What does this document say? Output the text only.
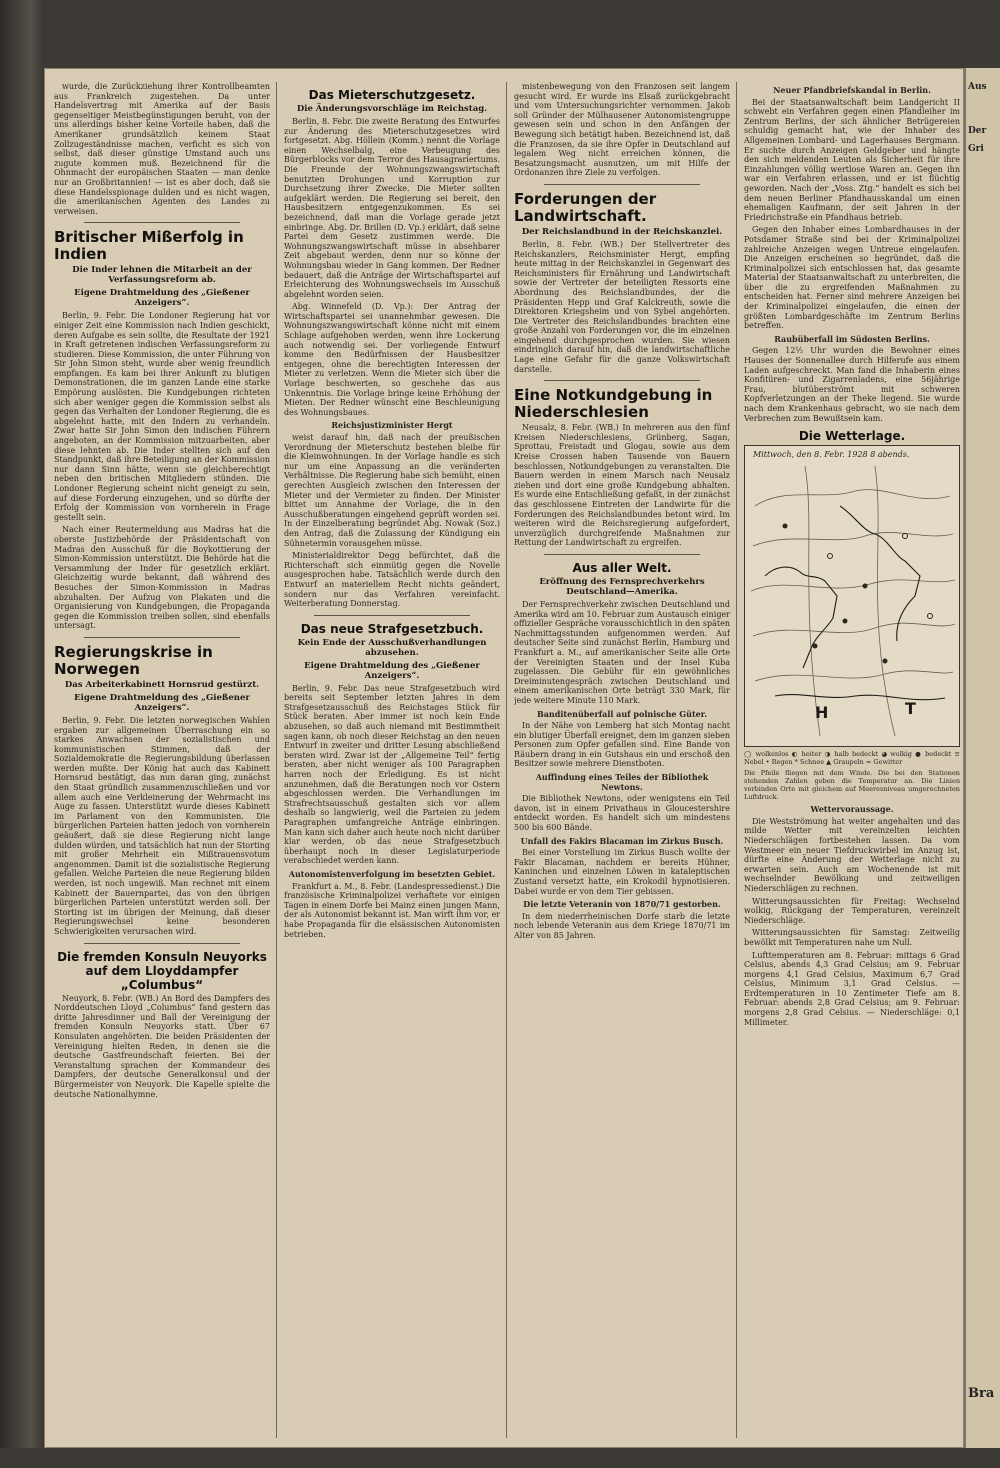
wurde, die Zurückziehung ihrer Kontrollbeamten aus Frankreich zugestehen. Da unter Handelsvertrag mit Amerika auf der Basis gegenseitiger Meistbegünstigungen beruht, von der uns allerdings bisher keine Vorteile haben, daß die Amerikaner grundsätzlich keinem Staat Zollzugeständnisse machen, verficht es sich von selbst, daß dieser günstige Umstand auch uns zugute kommen muß. Bezeichnend für die Ohnmacht der europäischen Staaten — man denke nur an Großbritannien! — ist es aber doch, daß sie diese Handelsspionage dulden und es nicht wagen, die amerikanischen Agenten des Landes zu verweisen.

Britischer Mißerfolg in Indien
Die Inder lehnen die Mitarbeit an der Verfassungsreform ab.
Eigene Drahtmeldung des „Gießener Anzeigers“.

Berlin, 9. Febr. Die Londoner Regierung hat vor einiger Zeit eine Kommission nach Indien geschickt, deren Aufgabe es sein sollte, die Resultate der 1921 in Kraft getretenen indischen Verfassungsreform zu studieren. Diese Kommission, die unter Führung von Sir John Simon steht, wurde aber wenig freundlich empfangen. Es kam bei ihrer Ankunft zu blutigen Demonstrationen, die im ganzen Lande eine starke Empörung auslösten. Die Kundgebungen richteten sich aber weniger gegen die Kommission selbst als gegen das Verhalten der Londoner Regierung, die es abgelehnt hatte, mit den Indern zu verhandeln. Zwar hatte Sir John Simon den indischen Führern angeboten, an der Kommission mitzuarbeiten, aber diese lehnten ab. Die Inder stellten sich auf den Standpunkt, daß ihre Beteiligung an der Kommission nur dann Sinn hätte, wenn sie gleichberechtigt neben den britischen Mitgliedern stünden. Die Londoner Regierung scheint nicht geneigt zu sein, auf diese Forderung einzugehen, und so dürfte der Erfolg der Kommission von vornherein in Frage gestellt sein.

Nach einer Reutermeldung aus Madras hat die oberste Justizbehörde der Präsidentschaft von Madras den Ausschuß für die Boykottierung der Simon-Kommission unterstützt. Die Behörde hat die Versammlung der Inder für gesetzlich erklärt. Gleichzeitig wurde bekannt, daß während des Besuches der Simon-Kommission in Madras abzuhalten. Der Aufzug von Plakaten und die Organisierung von Kundgebungen, die Propaganda gegen die Kommission treiben sollen, sind ebenfalls untersagt.

Regierungskrise in Norwegen
Das Arbeiterkabinett Hornsrud gestürzt.
Eigene Drahtmeldung des „Gießener Anzeigers“.

Berlin, 9. Febr. Die letzten norwegischen Wahlen ergaben zur allgemeinen Überraschung ein so starkes Anwachsen der sozialistischen und kommunistischen Stimmen, daß der Sozialdemokratie die Regierungsbildung überlassen werden mußte. Der König hat auch das Kabinett Hornsrud bestätigt, das nun daran ging, zunächst den Staat gründlich zusammenzuschließen und vor allem auch eine Verkleinerung der Wehrmacht ins Auge zu fassen. Unterstützt wurde dieses Kabinett im Parlament von den Kommunisten. Die bürgerlichen Parteien hatten jedoch von vornherein geäußert, daß sie diese Regierung nicht lange dulden würden, und tatsächlich hat nun der Storting mit großer Mehrheit ein Mißtrauensvotum angenommen. Damit ist die sozialistische Regierung gefallen. Welche Parteien die neue Regierung bilden werden, ist noch ungewiß. Man rechnet mit einem Kabinett der Bauernpartei, das von den übrigen bürgerlichen Parteien unterstützt werden soll. Der Storting ist im übrigen der Meinung, daß dieser Regierungswechsel keine besonderen Schwierigkeiten verursachen wird.

Die fremden Konsuln Neuyorks auf dem Lloyddampfer „Columbus“

Neuyork, 8. Febr. (WB.) An Bord des Dampfers des Norddeutschen Lloyd „Columbus“ fand gestern das dritte Jahresdinner und Ball der Vereinigung der fremden Konsuln Neuyorks statt. Über 67 Konsulaten angehörten. Die beiden Präsidenten der Vereinigung hielten Reden, in denen sie die deutsche Gastfreundschaft feierten. Bei der Veranstaltung sprachen der Kommandeur des Dampfers, der deutsche Generalkonsul und der Bürgermeister von Neuyork. Die Kapelle spielte die deutsche Nationalhymne.

Das Mieterschutzgesetz.
Die Änderungsvorschläge im Reichstag.

Berlin, 8. Febr. Die zweite Beratung des Entwurfes zur Änderung des Mieterschutzgesetzes wird fortgesetzt. Abg. Höllein (Komm.) nennt die Vorlage einen Wechselbalg, eine Verbeugung des Bürgerblocks vor dem Terror des Hausagrariertums. Die Freunde der Wohnungszwangswirtschaft benutzten Drohungen und Korruption zur Durchsetzung ihrer Zwecke. Die Mieter sollten aufgeklärt werden. Die Regierung sei bereit, den Hausbesitzern entgegenzukommen. Es sei bezeichnend, daß man die Vorlage gerade jetzt einbringe. Abg. Dr. Brillen (D. Vp.) erklärt, daß seine Partei dem Gesetz zustimmen werde. Die Wohnungszwangswirtschaft müsse in absehbarer Zeit abgebaut werden, denn nur so könne der Wohnungsbau wieder in Gang kommen. Der Redner bedauert, daß die Anträge der Wirtschaftspartei auf Erleichterung des Wohnungswechsels im Ausschuß abgelehnt worden seien.

Abg. Winnefeld (D. Vp.): Der Antrag der Wirtschaftspartei sei unannehmbar gewesen. Die Wohnungszwangswirtschaft könne nicht mit einem Schlage aufgehoben werden, wenn ihre Lockerung auch notwendig sei. Der vorliegende Entwurf komme den Bedürfnissen der Hausbesitzer entgegen, ohne die berechtigten Interessen der Mieter zu verletzen. Wenn die Mieter sich über die Vorlage beschwerten, so geschehe das aus Unkenntnis. Die Vorlage bringe keine Erhöhung der Mieten. Der Redner wünscht eine Beschleunigung des Wohnungsbaues.

Reichsjustizminister Hergt

weist darauf hin, daß nach der preußischen Verordnung der Mieterschutz bestehen bleibe für die Kleinwohnungen. In der Vorlage handle es sich nur um eine Anpassung an die veränderten Verhältnisse. Die Regierung habe sich bemüht, einen gerechten Ausgleich zwischen den Interessen der Mieter und der Vermieter zu finden. Der Minister bittet um Annahme der Vorlage, die in den Ausschußberatungen eingehend geprüft worden sei. In der Einzelberatung begründet Abg. Nowak (Soz.) den Antrag, daß die Zulassung der Kündigung ein Sühnetermin vorausgehen müsse.

Ministerialdirektor Degg befürchtet, daß die Richterschaft sich einmütig gegen die Novelle ausgesprochen habe. Tatsächlich werde durch den Entwurf an materiellem Recht nichts geändert, sondern nur das Verfahren vereinfacht. Weiterberatung Donnerstag.

Das neue Strafgesetzbuch.
Kein Ende der Ausschußverhandlungen abzusehen.
Eigene Drahtmeldung des „Gießener Anzeigers“.

Berlin, 9. Febr. Das neue Strafgesetzbuch wird bereits seit September letzten Jahres in dem Strafgesetzausschuß des Reichstages Stück für Stück beraten. Aber immer ist noch kein Ende abzusehen, so daß auch niemand mit Bestimmtheit sagen kann, ob noch dieser Reichstag an den neuen Entwurf in zweiter und dritter Lesung abschließend beraten wird. Zwar ist der „Allgemeine Teil“ fertig beraten, aber nicht weniger als 100 Paragraphen harren noch der Erledigung. Es ist nicht anzunehmen, daß die Beratungen noch vor Ostern abgeschlossen werden. Die Verhandlungen im Strafrechtsausschuß gestalten sich vor allem deshalb so langwierig, weil die Parteien zu jedem Paragraphen umfangreiche Anträge einbringen. Man kann sich daher auch heute noch nicht darüber klar werden, ob das neue Strafgesetzbuch überhaupt noch in dieser Legislaturperiode verabschiedet werden kann.

Autonomistenverfolgung im besetzten Gebiet.

Frankfurt a. M., 8. Febr. (Landespressedienst.) Die französische Kriminalpolizei verhaftete vor einigen Tagen in einem Dorfe bei Mainz einen jungen Mann, der als Autonomist bekannt ist. Man wirft ihm vor, er habe Propaganda für die elsässischen Autonomisten betrieben.

mistenbewegung von den Franzosen seit langem gesucht wird. Er wurde ins Elsaß zurückgebracht und vom Untersuchungsrichter vernommen. Jakob soll Gründer der Mülhausener Autonomistengruppe gewesen sein und schon in den Anfängen der Bewegung sich betätigt haben. Bezeichnend ist, daß die Franzosen, da sie ihre Opfer in Deutschland auf legalem Weg nicht erreichen können, die Besatzungsmacht ausnutzen, um mit Hilfe der Ordonanzen ihre Ziele zu verfolgen.

Forderungen der Landwirtschaft.
Der Reichslandbund in der Reichskanzlei.

Berlin, 8. Febr. (WB.) Der Stellvertreter des Reichskanzlers, Reichsminister Hergt, empfing heute mittag in der Reichskanzlei in Gegenwart des Reichsministers für Ernährung und Landwirtschaft sowie der Vertreter der beteiligten Ressorts eine Abordnung des Reichslandbundes, der die Präsidenten Hepp und Graf Kalckreuth, sowie die Direktoren Kriegsheim und von Sybel angehörten. Die Vertreter des Reichslandbundes brachten eine große Anzahl von Forderungen vor, die im einzelnen eingehend durchgesprochen wurden. Sie wiesen eindringlich darauf hin, daß die landwirtschaftliche Lage eine Gefahr für die ganze Volkswirtschaft darstelle.

Eine Notkundgebung in Niederschlesien

Neusalz, 8. Febr. (WB.) In mehreren aus den fünf Kreisen Niederschlesiens, Grünberg, Sagan, Sprottau, Freistadt und Glogau, sowie aus dem Kreise Crossen haben Tausende von Bauern beschlossen, Notkundgebungen zu veranstalten. Die Bauern werden in einem Marsch nach Neusalz ziehen und dort eine große Kundgebung abhalten. Es wurde eine Entschließung gefaßt, in der zunächst das geschlossene Eintreten der Landwirte für die Forderungen des Reichslandbundes betont wird. Im weiteren wird die Reichsregierung aufgefordert, unverzüglich durchgreifende Maßnahmen zur Rettung der Landwirtschaft zu ergreifen.

Aus aller Welt.
Eröffnung des Fernsprechverkehrs Deutschland—Amerika.

Der Fernsprechverkehr zwischen Deutschland und Amerika wird am 10. Februar zum Austausch einiger offizieller Gespräche vorausschichtlich in den späten Nachmittagsstunden aufgenommen werden. Auf deutscher Seite sind zunächst Berlin, Hamburg und Frankfurt a. M., auf amerikanischer Seite alle Orte der Vereinigten Staaten und der Insel Kuba zugelassen. Die Gebühr für ein gewöhnliches Dreiminutengespräch zwischen Deutschland und einem amerikanischen Orte beträgt 330 Mark, für jede weitere Minute 110 Mark.

Banditenüberfall auf polnische Güter.

In der Nähe von Lemberg hat sich Montag nacht ein blutiger Überfall ereignet, dem im ganzen sieben Personen zum Opfer gefallen sind. Eine Bande von Räubern drang in ein Gutshaus ein und erschoß den Besitzer sowie mehrere Dienstboten.

Auffindung eines Teiles der Bibliothek Newtons.

Die Bibliothek Newtons, oder wenigstens ein Teil davon, ist in einem Privathaus in Gloucestershire entdeckt worden. Es handelt sich um mindestens 500 bis 600 Bände.

Unfall des Fakirs Blacaman im Zirkus Busch.

Bei einer Vorstellung im Zirkus Busch wollte der Fakir Blacaman, nachdem er bereits Hühner, Kaninchen und einzelnen Löwen in kataleptischen Zustand versetzt hatte, ein Krokodil hypnotisieren. Dabei wurde er von dem Tier gebissen.

Die letzte Veteranin von 1870/71 gestorben.

In dem niederrheinischen Dorfe starb die letzte noch lebende Veteranin aus dem Kriege 1870/71 im Alter von 85 Jahren.

Neuer Pfandbriefskandal in Berlin.

Bei der Staatsanwaltschaft beim Landgericht II schwebt ein Verfahren gegen einen Pfandleiher im Zentrum Berlins, der sich ähnlicher Betrügereien schuldig gemacht hat, wie der Inhaber des Allgemeinen Lombard- und Lagerhauses Bergmann. Er suchte durch Anzeigen Geldgeber und hängte den sich meldenden Leuten als Sicherheit für ihre Einzahlungen völlig wertlose Waren an. Gegen ihn war ein Verfahren erlassen, und er ist flüchtig geworden. Nach der „Voss. Ztg.“ handelt es sich bei dem neuen Berliner Pfandhausskandal um einen ehemaligen Kaufmann, der seit Jahren in der Friedrichstraße ein Pfandhaus betrieb.

Gegen den Inhaber eines Lombardhauses in der Potsdamer Straße sind bei der Kriminalpolizei zahlreiche Anzeigen wegen Untreue eingelaufen. Die Anzeigen erscheinen so begründet, daß die Kriminalpolizei sich entschlossen hat, das gesamte Material der Staatsanwaltschaft zu unterbreiten, die über die zu ergreifenden Maßnahmen zu entscheiden hat. Ferner sind mehrere Anzeigen bei der Kriminalpolizei eingelaufen, die einen der größten Lombardgeschäfte im Zentrum Berlins betreffen.

Raubüberfall im Südosten Berlins.

Gegen 12½ Uhr wurden die Bewohner eines Hauses der Sonnenallee durch Hilferufe aus einem Laden aufgeschreckt. Man fand die Inhaberin eines Konfitüren- und Zigarrenladens, eine 56jährige Frau, blutüberströmt mit schweren Kopfverletzungen an der Theke liegend. Sie wurde nach dem Krankenhaus gebracht, wo sie nach dem Verbrechen zum Bewußtsein kam.

Die Wetterlage.
H	T
Mittwoch, den 8. Febr. 1928 8 abends.
◯ wolkenlos ◐ heiter ◑ halb bedeckt ◕ wolkig ● bedeckt ≡ Nebel • Regen * Schnee ▲ Graupeln ≈ Gewitter
Die Pfeile fliegen mit dem Winde. Die bei den Stationen stehenden Zahlen geben die Temperatur an. Die Linien verbinden Orte mit gleichem auf Meeresniveau umgerechneten Luftdruck.
Wettervoraussage.

Die Westströmung hat weiter angehalten und das milde Wetter mit vereinzelten leichten Niederschlägen fortbestehen lassen. Da vom Westmeer ein neuer Tiefdruckwirbel im Anzug ist, dürfte eine Änderung der Wetterlage nicht zu erwarten sein. Auch am Wochenende ist mit wechselnder Bewölkung und zeitweiligen Niederschlägen zu rechnen.

Witterungsaussichten für Freitag: Wechselnd wolkig, Rückgang der Temperaturen, vereinzelt Niederschläge.

Witterungsaussichten für Samstag: Zeitweilig bewölkt mit Temperaturen nahe um Null.

Lufttemperaturen am 8. Februar: mittags 6 Grad Celsius, abends 4,3 Grad Celsius; am 9. Februar morgens 4,1 Grad Celsius, Maximum 6,7 Grad Celsius, Minimum 3,1 Grad Celsius. — Erdtemperaturen in 10 Zentimeter Tiefe am 8. Februar: abends 2,8 Grad Celsius; am 9. Februar: morgens 2,8 Grad Celsius. — Niederschläge: 0,1 Millimeter.

Aus
Der
Gri
Bra
